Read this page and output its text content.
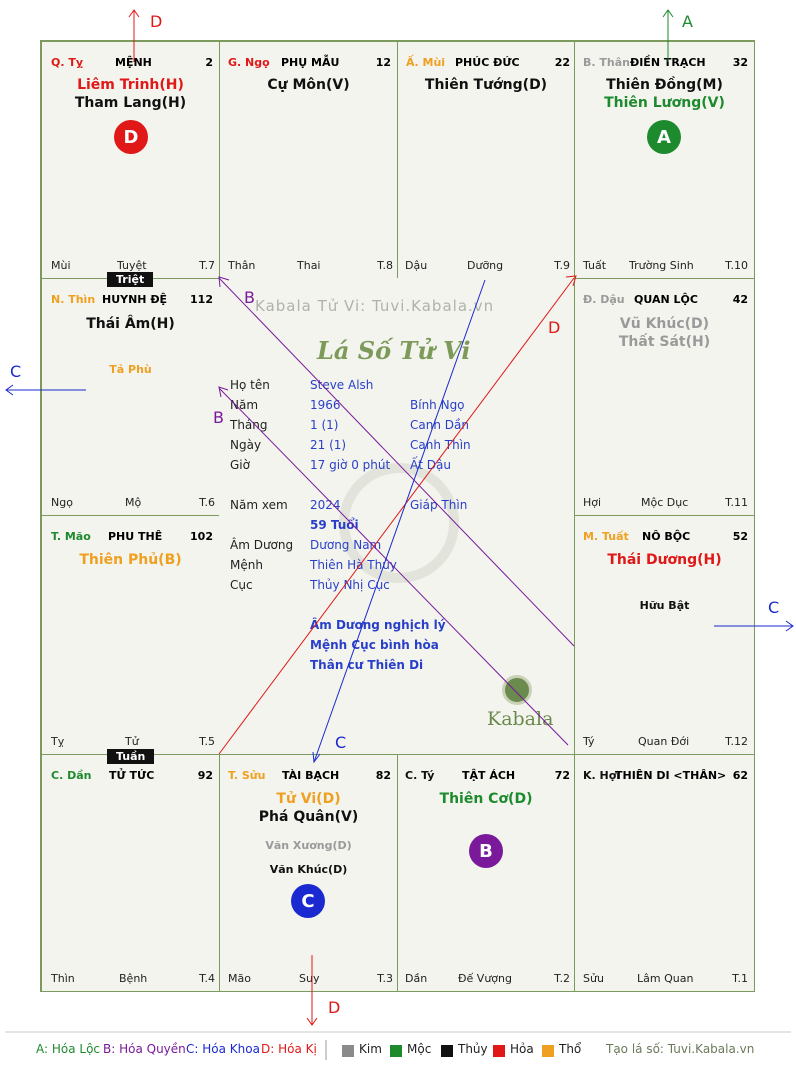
Q. Tỵ	MỆNH	2
Liêm Trinh(H)
Tham Lang(H)
D
Mùi	Tuyệt	T.7
G. Ngọ PHỤ MẪU	12
Cự Môn(V)
Thân	Thai	T.8
Ấ. Mùi PHÚC ĐỨC	22
Thiên Tướng(D)
Dậu	Dưỡng	T.9
B. Thân ĐIỀN TRẠCH 32
Thiên Đồng(M)
Thiên Lương(V)
A
Tuất Trường Sinh	T.10
N. Thìn HUYNH ĐỆ 112
Thái Âm(H)
Tả Phù
Ngọ	Mộ	T.6
Đ. Dậu QUAN LỘC	42
Vũ Khúc(D)
Thất Sát(H)
Hợi	Mộc Dục	T.11
T. Mão PHU THÊ	102
Thiên Phủ(B)
Tỵ	Tử	T.5
M. Tuất NÔ BỘC	52
Thái Dương(H)
Hữu Bật
Tý	Quan Đới	T.12
C. Dần TỬ TỨC	92
Thìn	Bệnh	T.4
T. Sửu TÀI BẠCH	82
Tử Vi(D)
Phá Quân(V)
Văn Xương(D)
Văn Khúc(D)
C
Mão	Suy	T.3
C. Tý	TẬT ÁCH	72
Thiên Cơ(D)
B
Dần	Đế Vượng	T.2
K. Hợi
THIÊN DI <THÂN> 62
Sửu	Lâm Quan	T.1
Kabala Tử Vi: Tuvi.Kabala.vn
Lá Số Tử Vi
Họ tên	Steve Alsh
Năm	1966	Bính Ngọ
Tháng	1 (1)	Canh Dần
Ngày	21 (1)	Canh Thìn
Giờ	17 giờ 0 phút Ất Dậu
Năm xem 2024	Giáp Thìn
59 Tuổi
Âm Dương Dương Nam
Mệnh	Thiên Hà Thủy
Cục	Thủy Nhị Cục
Âm Dương nghịch lý
Mệnh Cục bình hòa
Thân cư Thiên Di
Kabala
Triệt
Tuần
D	A
C
C
D
B
B
D
C
A: Hóa Lộc B: Hóa Quyền C: Hóa Khoa D: Hóa Kị	Kim Mộc Thủy Hỏa Thổ Tạo lá số: Tuvi.Kabala.vn
